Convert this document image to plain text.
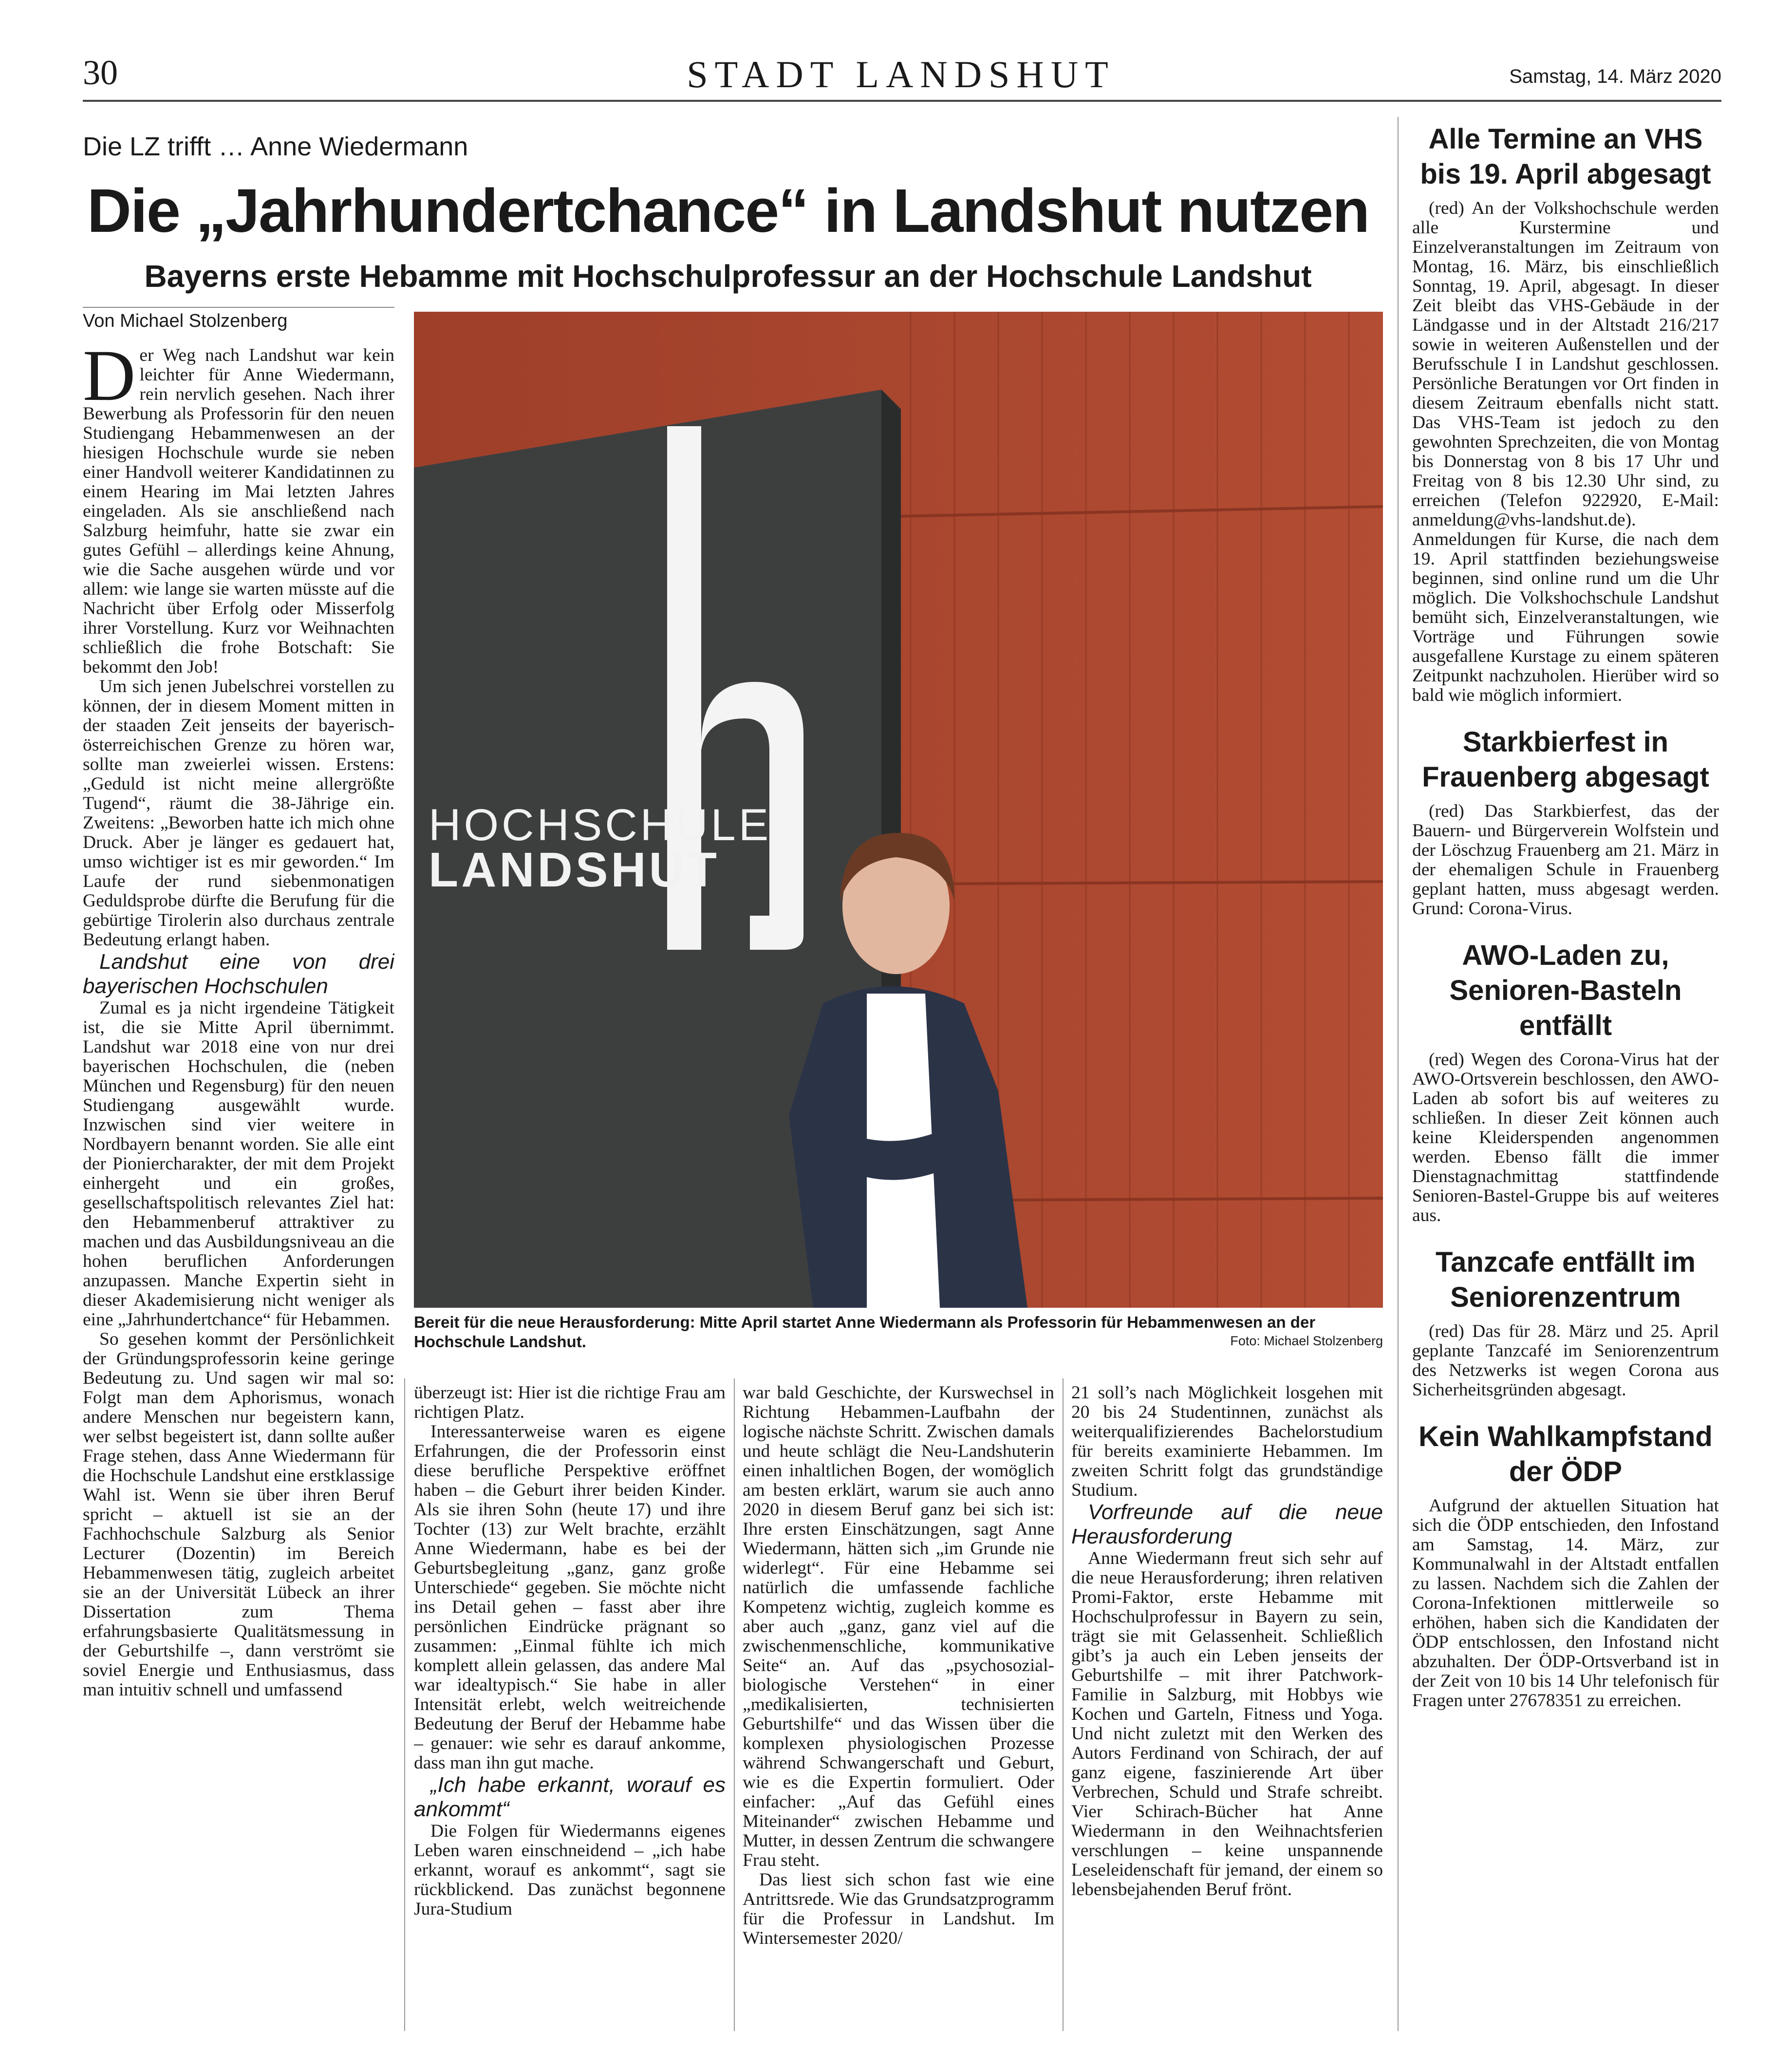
30	STADT LANDSHUT	Samstag, 14. März 2020
Die LZ trifft … Anne Wiedermann
Die „Jahrhundertchance“ in Landshut nutzen
Bayerns erste Hebamme mit Hochschulprofessur an der Hochschule Landshut
Von Michael Stolzenberg

Der Weg nach Landshut war kein leichter für Anne Wiedermann, rein nervlich gesehen. Nach ihrer Bewerbung als Professorin für den neuen Studiengang Hebammenwesen an der hiesigen Hochschule wurde sie neben einer Handvoll weiterer Kandidatinnen zu einem Hearing im Mai letzten Jahres eingeladen. Als sie anschließend nach Salzburg heimfuhr, hatte sie zwar ein gutes Gefühl – allerdings keine Ahnung, wie die Sache ausgehen würde und vor allem: wie lange sie warten müsste auf die Nachricht über Erfolg oder Misserfolg ihrer Vorstellung. Kurz vor Weihnachten schließlich die frohe Botschaft: Sie bekommt den Job!

Um sich jenen Jubelschrei vorstellen zu können, der in diesem Moment mitten in der staaden Zeit jenseits der bayerisch-österreichischen Grenze zu hören war, sollte man zweierlei wissen. Erstens: „Geduld ist nicht meine allergrößte Tugend“, räumt die 38-Jährige ein. Zweitens: „Beworben hatte ich mich ohne Druck. Aber je länger es gedauert hat, umso wichtiger ist es mir geworden.“ Im Laufe der rund siebenmonatigen Geduldsprobe dürfte die Berufung für die gebürtige Tirolerin also durchaus zentrale Bedeutung erlangt haben.

Landshut eine von drei bayerischen Hochschulen

Zumal es ja nicht irgendeine Tätigkeit ist, die sie Mitte April übernimmt. Landshut war 2018 eine von nur drei bayerischen Hochschulen, die (neben München und Regensburg) für den neuen Studiengang ausgewählt wurde. Inzwischen sind vier weitere in Nordbayern benannt worden. Sie alle eint der Pioniercharakter, der mit dem Projekt einhergeht und ein großes, gesellschaftspolitisch relevantes Ziel hat: den Hebammenberuf attraktiver zu machen und das Ausbildungsniveau an die hohen beruflichen Anforderungen anzupassen. Manche Expertin sieht in dieser Akademisierung nicht weniger als eine „Jahrhundertchance“ für Hebammen.

So gesehen kommt der Persönlichkeit der Gründungsprofessorin keine geringe Bedeutung zu. Und sagen wir mal so: Folgt man dem Aphorismus, wonach andere Menschen nur begeistern kann, wer selbst begeistert ist, dann sollte außer Frage stehen, dass Anne Wiedermann für die Hochschule Landshut eine erstklassige Wahl ist. Wenn sie über ihren Beruf spricht – aktuell ist sie an der Fachhochschule Salzburg als Senior Lecturer (Dozentin) im Bereich Hebammenwesen tätig, zugleich arbeitet sie an der Universität Lübeck an ihrer Dissertation zum Thema erfahrungsbasierte Qualitätsmessung in der Geburtshilfe –, dann verströmt sie soviel Energie und Enthusiasmus, dass man intuitiv schnell und umfassend

HOCHSCHULE
LANDSHUT
Bereit für die neue Herausforderung: Mitte April startet Anne Wiedermann als Professorin für Hebammenwesen an der Hochschule Landshut.	Foto: Michael Stolzenberg

überzeugt ist: Hier ist die richtige Frau am richtigen Platz.

Interessanterweise waren es eigene Erfahrungen, die der Professorin einst diese berufliche Perspektive eröffnet haben – die Geburt ihrer beiden Kinder. Als sie ihren Sohn (heute 17) und ihre Tochter (13) zur Welt brachte, erzählt Anne Wiedermann, habe es bei der Geburtsbegleitung „ganz, ganz große Unterschiede“ gegeben. Sie möchte nicht ins Detail gehen – fasst aber ihre persönlichen Eindrücke prägnant so zusammen: „Einmal fühlte ich mich komplett allein gelassen, das andere Mal war idealtypisch.“ Sie habe in aller Intensität erlebt, welch weitreichende Bedeutung der Beruf der Hebamme habe – genauer: wie sehr es darauf ankomme, dass man ihn gut mache.

„Ich habe erkannt, worauf es ankommt“

Die Folgen für Wiedermanns eigenes Leben waren einschneidend – „ich habe erkannt, worauf es ankommt“, sagt sie rückblickend. Das zunächst begonnene Jura-Studium

war bald Geschichte, der Kurswechsel in Richtung Hebammen-Laufbahn der logische nächste Schritt. Zwischen damals und heute schlägt die Neu-Landshuterin einen inhaltlichen Bogen, der womöglich am besten erklärt, warum sie auch anno 2020 in diesem Beruf ganz bei sich ist: Ihre ersten Einschätzungen, sagt Anne Wiedermann, hätten sich „im Grunde nie widerlegt“. Für eine Hebamme sei natürlich die umfassende fachliche Kompetenz wichtig, zugleich komme es aber auch „ganz, ganz viel auf die zwischenmenschliche, kommunikative Seite“ an. Auf das „psychosozial-biologische Verstehen“ in einer „medikalisierten, technisierten Geburtshilfe“ und das Wissen über die komplexen physiologischen Prozesse während Schwangerschaft und Geburt, wie es die Expertin formuliert. Oder einfacher: „Auf das Gefühl eines Miteinander“ zwischen Hebamme und Mutter, in dessen Zentrum die schwangere Frau steht.

Das liest sich schon fast wie eine Antrittsrede. Wie das Grundsatzprogramm für die Professur in Landshut. Im Wintersemester 2020/

21 soll’s nach Möglichkeit losgehen mit 20 bis 24 Studentinnen, zunächst als weiterqualifizierendes Bachelorstudium für bereits examinierte Hebammen. Im zweiten Schritt folgt das grundständige Studium.

Vorfreunde auf die neue Herausforderung

Anne Wiedermann freut sich sehr auf die neue Herausforderung; ihren relativen Promi-Faktor, erste Hebamme mit Hochschulprofessur in Bayern zu sein, trägt sie mit Gelassenheit. Schließlich gibt’s ja auch ein Leben jenseits der Geburtshilfe – mit ihrer Patchwork-Familie in Salzburg, mit Hobbys wie Kochen und Garteln, Fitness und Yoga. Und nicht zuletzt mit den Werken des Autors Ferdinand von Schirach, der auf ganz eigene, faszinierende Art über Verbrechen, Schuld und Strafe schreibt. Vier Schirach-Bücher hat Anne Wiedermann in den Weihnachtsferien verschlungen – keine unspannende Leseleidenschaft für jemand, der einem so lebensbejahenden Beruf frönt.

Alle Termine an VHS bis 19. April abgesagt

(red) An der Volkshochschule werden alle Kurstermine und Einzelveranstaltungen im Zeitraum von Montag, 16. März, bis einschließlich Sonntag, 19. April, abgesagt. In dieser Zeit bleibt das VHS-Gebäude in der Ländgasse und in der Altstadt 216/217 sowie in weiteren Außenstellen und der Berufsschule I in Landshut geschlossen. Persönliche Beratungen vor Ort finden in diesem Zeitraum ebenfalls nicht statt. Das VHS-Team ist jedoch zu den gewohnten Sprechzeiten, die von Montag bis Donnerstag von 8 bis 17 Uhr und Freitag von 8 bis 12.30 Uhr sind, zu erreichen (Telefon 922920, E-Mail: anmeldung@vhs-landshut.de). Anmeldungen für Kurse, die nach dem 19. April stattfinden beziehungsweise beginnen, sind online rund um die Uhr möglich. Die Volkshochschule Landshut bemüht sich, Einzelveranstaltungen, wie Vorträge und Führungen sowie ausgefallene Kurstage zu einem späteren Zeitpunkt nachzuholen. Hierüber wird so bald wie möglich informiert.

Starkbierfest in Frauenberg abgesagt

(red) Das Starkbierfest, das der Bauern- und Bürgerverein Wolfstein und der Löschzug Frauenberg am 21. März in der ehemaligen Schule in Frauenberg geplant hatten, muss abgesagt werden. Grund: Corona-Virus.

AWO-Laden zu, Senioren-Basteln entfällt

(red) Wegen des Corona-Virus hat der AWO-Ortsverein beschlossen, den AWO-Laden ab sofort bis auf weiteres zu schließen. In dieser Zeit können auch keine Kleiderspenden angenommen werden. Ebenso fällt die immer Dienstagnachmittag stattfindende Senioren-Bastel-Gruppe bis auf weiteres aus.

Tanzcafe entfällt im Seniorenzentrum

(red) Das für 28. März und 25. April geplante Tanzcafé im Seniorenzentrum des Netzwerks ist wegen Corona aus Sicherheitsgründen abgesagt.

Kein Wahlkampfstand der ÖDP

Aufgrund der aktuellen Situation hat sich die ÖDP entschieden, den Infostand am Samstag, 14. März, zur Kommunalwahl in der Altstadt entfallen zu lassen. Nachdem sich die Zahlen der Corona-Infektionen mittlerweile so erhöhen, haben sich die Kandidaten der ÖDP entschlossen, den Infostand nicht abzuhalten. Der ÖDP-Ortsverband ist in der Zeit von 10 bis 14 Uhr telefonisch für Fragen unter 27678351 zu erreichen.
